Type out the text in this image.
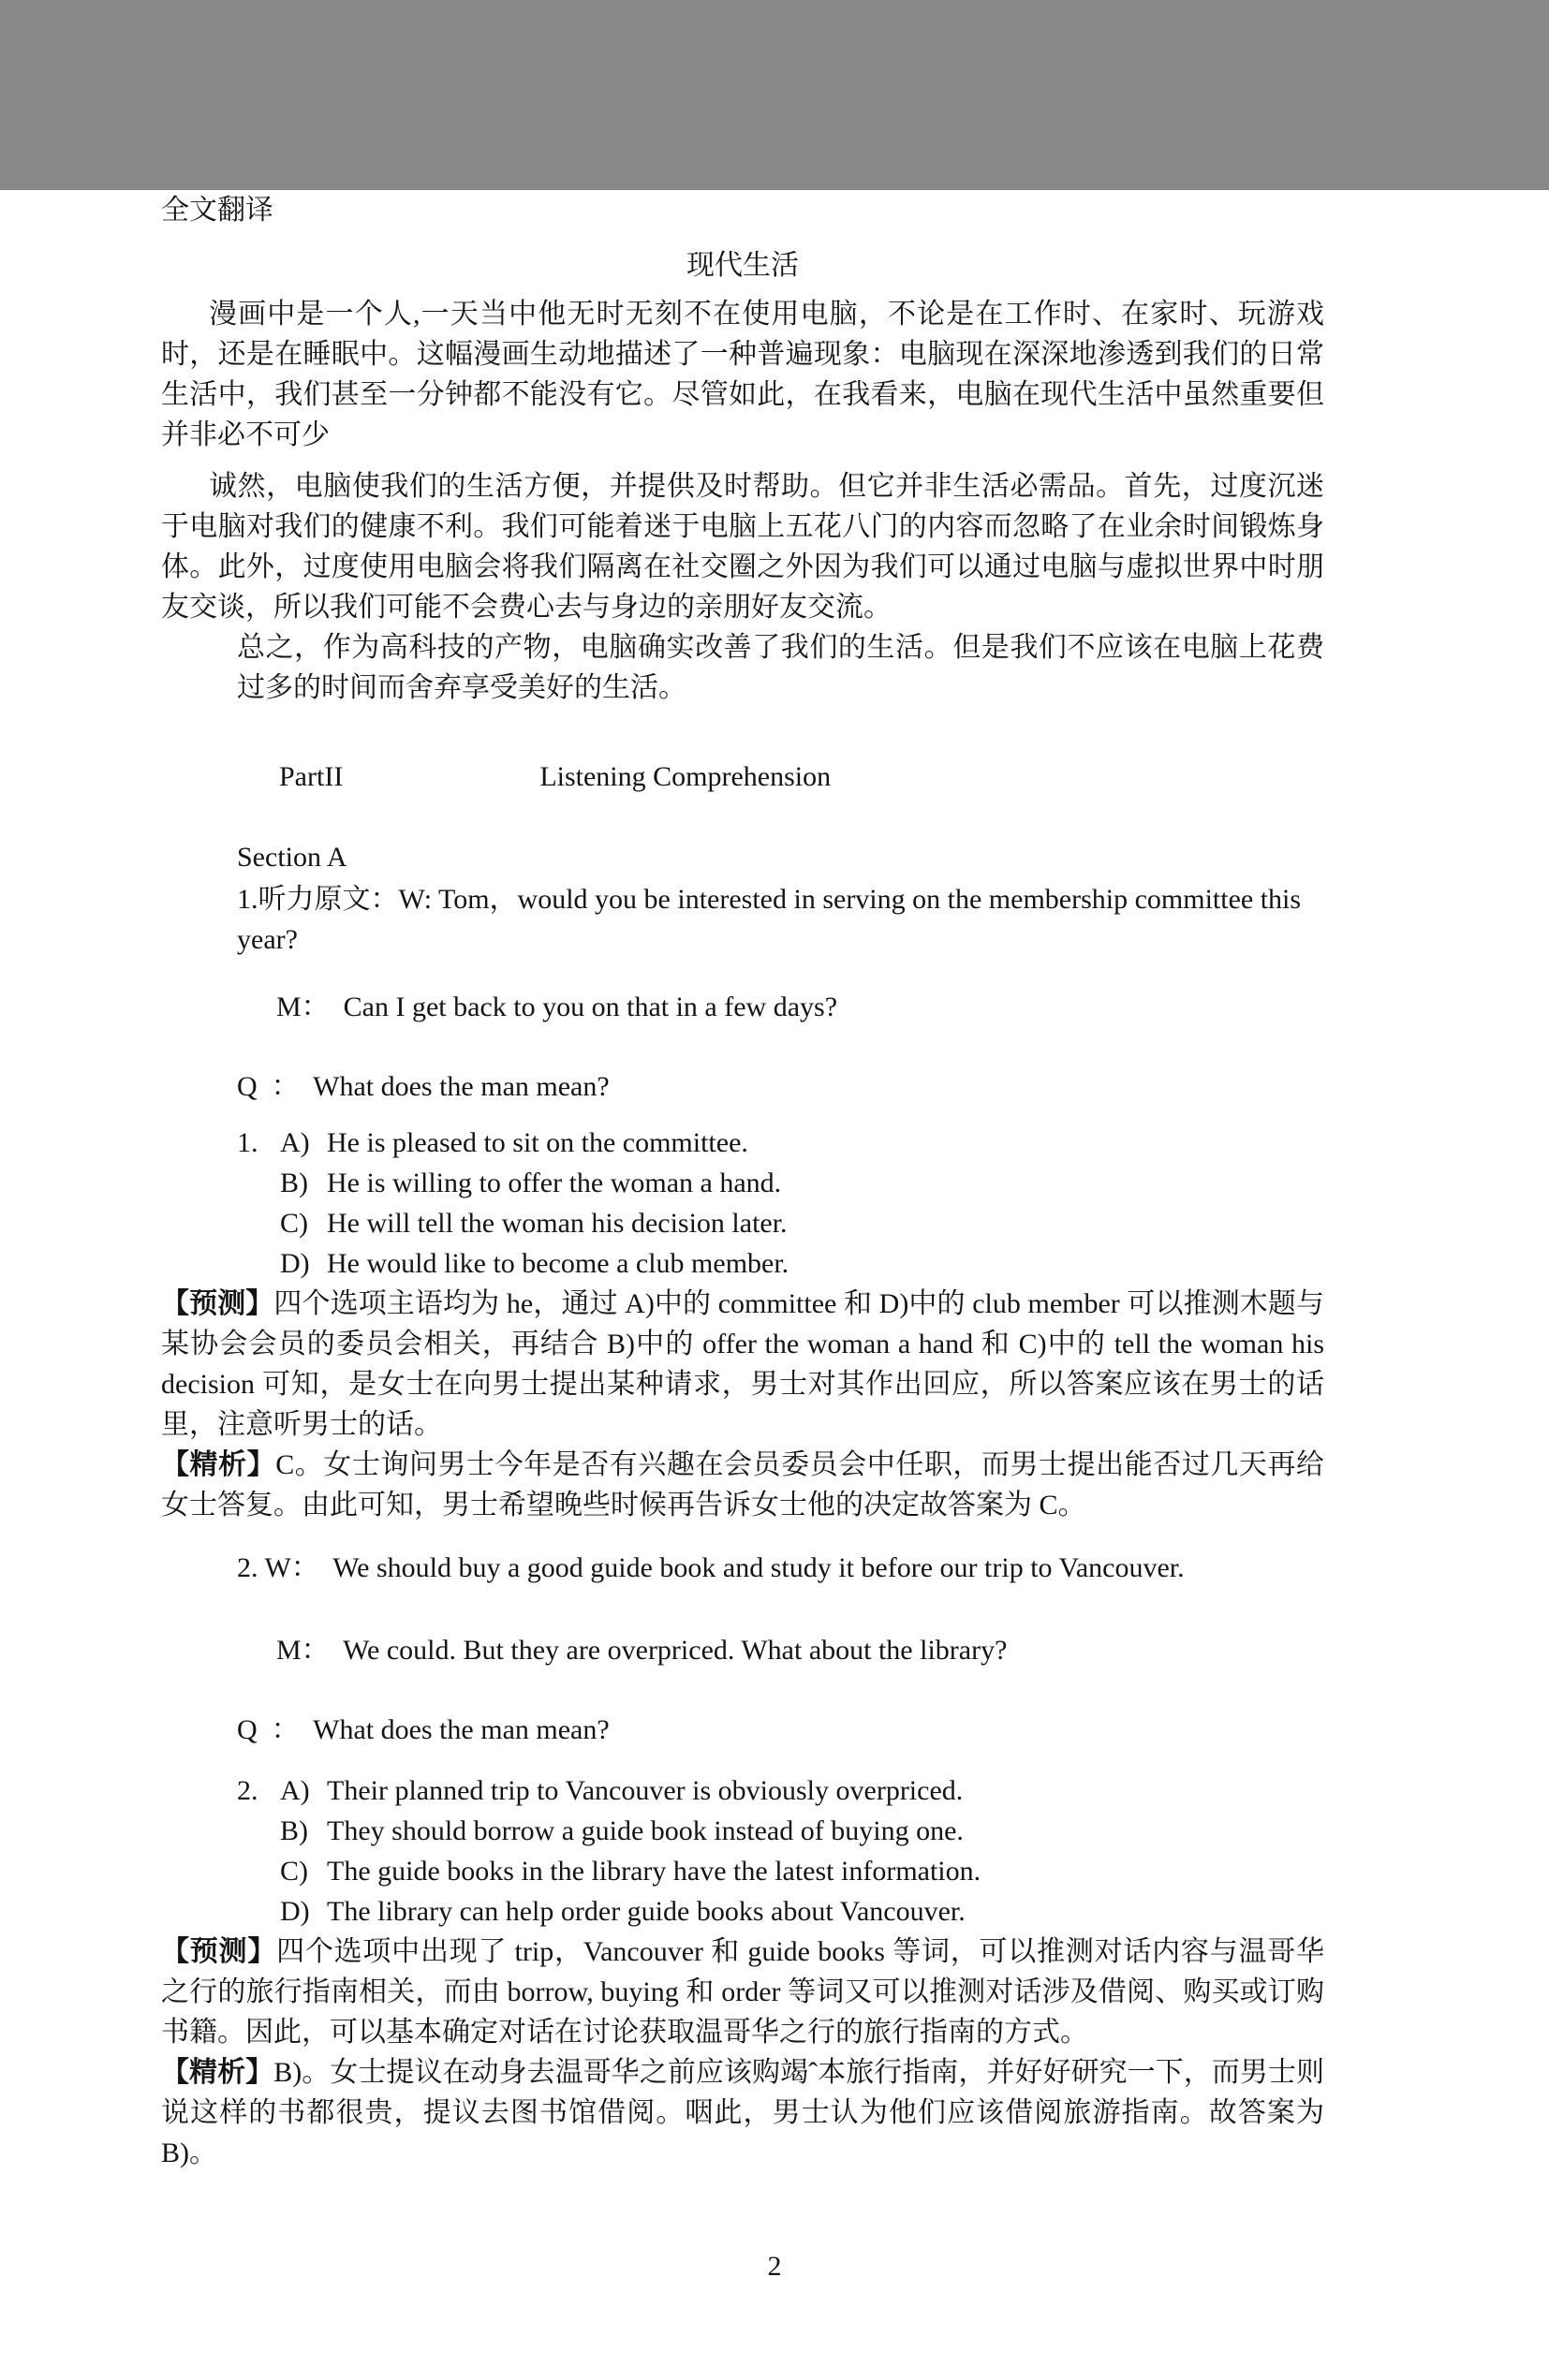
全文翻译
现代生活

漫画中是一个人,一天当中他无时无刻不在使用电脑，不论是在工作时、在家时、玩游戏时，还是在睡眠中。这幅漫画生动地描述了一种普遍现象：电脑现在深深地渗透到我们的日常生活中，我们甚至一分钟都不能没有它。尽管如此，在我看来，电脑在现代生活中虽然重要但并非必不可少

诚然，电脑使我们的生活方便，并提供及时帮助。但它并非生活必需品。首先，过度沉迷于电脑对我们的健康不利。我们可能着迷于电脑上五花八门的内容而忽略了在业余时间锻炼身体。此外，过度使用电脑会将我们隔离在社交圈之外因为我们可以通过电脑与虚拟世界中时朋友交谈，所以我们可能不会费心去与身边的亲朋好友交流。

总之，作为高科技的产物，电脑确实改善了我们的生活。但是我们不应该在电脑上花费过多的时间而舍弃享受美好的生活。

PartII	Listening Comprehension

Section A
1.听力原文：W: Tom，would you be interested in serving on the membership committee this year?
M：  Can I get back to you on that in a few days?
Q  ：  What does the man mean?
1. A) He is pleased to sit on the committee.
B) He is willing to offer the woman a hand.
C) He will tell the woman his decision later.
D) He would like to become a club member.

【预测】四个选项主语均为 he，通过 A)中的 committee 和 D)中的 club member 可以推测木题与某协会会员的委员会相关，再结合 B)中的 offer the woman a hand 和 C)中的 tell the woman his decision 可知，是女士在向男士提出某种请求，男士对其作出回应，所以答案应该在男士的话里，注意听男士的话。

【精析】C。女士询问男士今年是否有兴趣在会员委员会中任职，而男士提出能否过几天再给女士答复。由此可知，男士希望晚些时候再告诉女士他的决定故答案为 C。

2. W：  We should buy a good guide book and study it before our trip to Vancouver.
M：  We could. But they are overpriced. What about the library?
Q  ：  What does the man mean?
2. A) Their planned trip to Vancouver is obviously overpriced.
B) They should borrow a guide book instead of buying one.
C) The guide books in the library have the latest information.
D) The library can help order guide books about Vancouver.

【预测】四个选项中出现了 trip，Vancouver 和 guide books 等词，可以推测对话内容与温哥华之行的旅行指南相关，而由 borrow, buying 和 order 等词又可以推测对话涉及借阅、购买或订购书籍。因此，可以基本确定对话在讨论获取温哥华之行的旅行指南的方式。

【精析】B)。女士提议在动身去温哥华之前应该购竭ˆ本旅行指南，并好好研究一下，而男士则说这样的书都很贵，提议去图书馆借阅。咽此，男士认为他们应该借阅旅游指南。故答案为 B)。

2
